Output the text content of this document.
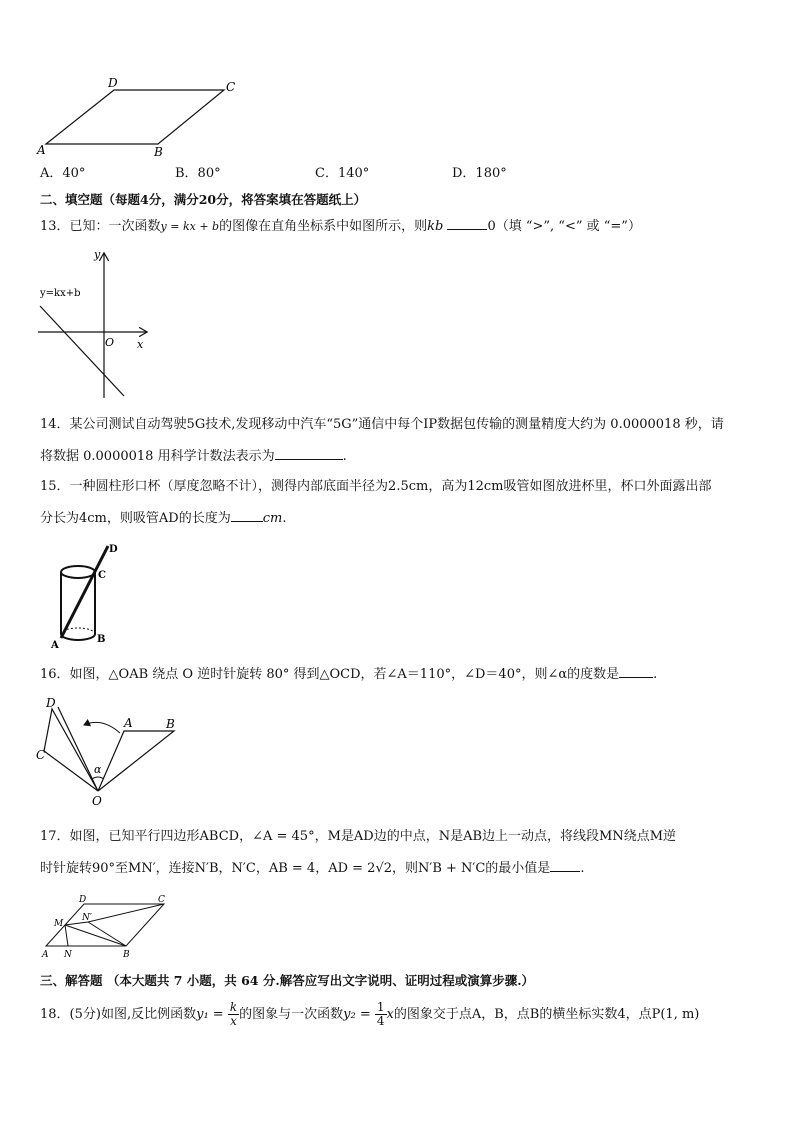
D	C
A	B
A．40°	B．80°	C．140°	D．180°
二、填空题（每题4分，满分20分，将答案填在答题纸上）
13．已知：一次函数y = kx + b的图像在直角坐标系中如图所示，则kb	0（填 “>”, “<” 或 “=”）
y
x
O
y=kx+b
14．某公司测试自动驾驶5G技术,发现移动中汽车“5G”通信中每个IP数据包传输的测量精度大约为 0.0000018 秒，请
将数据 0.0000018 用科学计数法表示为	.
15．一种圆柱形口杯（厚度忽略不计），测得内部底面半径为2.5cm，高为12cm吸管如图放进杯里，杯口外面露出部
分长为4cm，则吸管AD的长度为 cm.
D
C
A
B
16．如图，△OAB 绕点 O 逆时针旋转 80° 得到△OCD，若∠A＝110°，∠D＝40°，则∠α的度数是	.
D
A	B
C
α
O
17．如图，已知平行四边形ABCD，∠A = 45°，M是AD边的中点，N是AB边上一动点，将线段MN绕点M逆
时针旋转90°至MN′，连接N′B，N′C，AB = 4，AD = 2√2，则N′B + N′C的最小值是 .
D	C
M
N′
A N	B
三、解答题 （本大题共 7 小题，共 64 分.解答应写出文字说明、证明过程或演算步骤.）
18．(5分)如图,反比例函数$y_1 = \frac{k}{x}$ 的图象与一次函数$y_2 = \frac{1}{4}$ x的图象交于点A，B，点B的横坐标实数4，点P(1, m)
